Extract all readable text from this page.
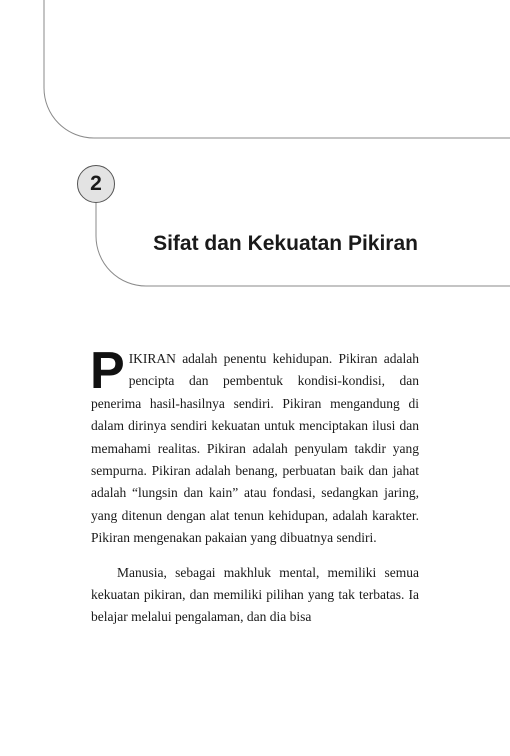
2
Sifat dan Kekuatan Pikiran

PIKIRAN adalah penentu kehidupan. Pikiran adalah pencipta dan pembentuk kondisi-kondisi, dan penerima hasil-hasilnya sendiri. Pikiran mengandung di dalam dirinya sendiri kekuatan untuk menciptakan ilusi dan memahami realitas. Pikiran adalah penyulam takdir yang sempurna. Pikiran adalah benang, perbuatan baik dan jahat adalah “lungsin dan kain” atau fondasi, sedangkan jaring, yang ditenun dengan alat tenun kehidupan, adalah karakter. Pikiran mengenakan pakaian yang dibuatnya sendiri.

Manusia, sebagai makhluk mental, memiliki semua kekuatan pikiran, dan memiliki pilihan yang tak terbatas. Ia belajar melalui pengalaman, dan dia bisa
